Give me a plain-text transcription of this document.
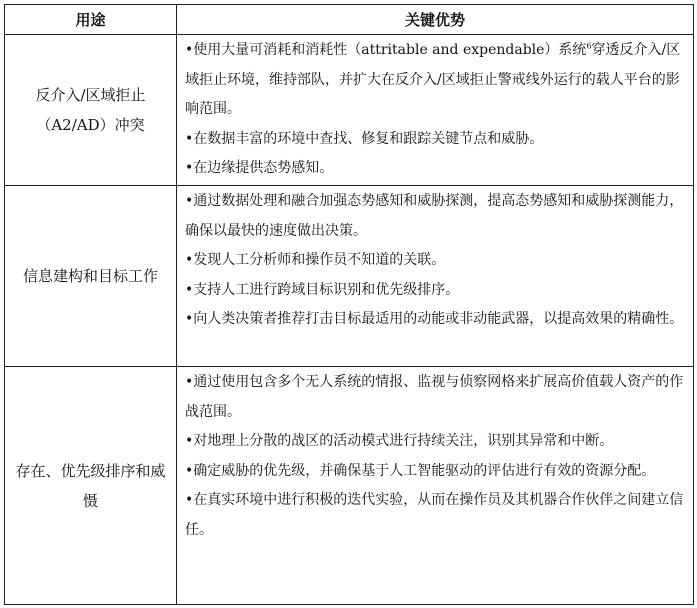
用途	关键优势
反介入/区域拒止（A2/AD）冲突	•使用大量可消耗和消耗性（attritable and expendable）系统$^6$穿透反介入/区域拒止环境，维持部队，并扩大在反介入/区域拒止警戒线外运行的载人平台的影响范围。
•在数据丰富的环境中查找、修复和跟踪关键节点和威胁。
•在边缘提供态势感知。

信息建构和目标工作	•通过数据处理和融合加强态势感知和威胁探测，提高态势感知和威胁探测能力，确保以最快的速度做出决策。
•发现人工分析师和操作员不知道的关联。
•支持人工进行跨域目标识别和优先级排序。
•向人类决策者推荐打击目标最适用的动能或非动能武器，以提高效果的精确性。

存在、优先级排序和威慑	•通过使用包含多个无人系统的情报、监视与侦察网格来扩展高价值载人资产的作战范围。
•对地理上分散的战区的活动模式进行持续关注，识别其异常和中断。
•确定威胁的优先级，并确保基于人工智能驱动的评估进行有效的资源分配。
•在真实环境中进行积极的迭代实验，从而在操作员及其机器合作伙伴之间建立信任。
